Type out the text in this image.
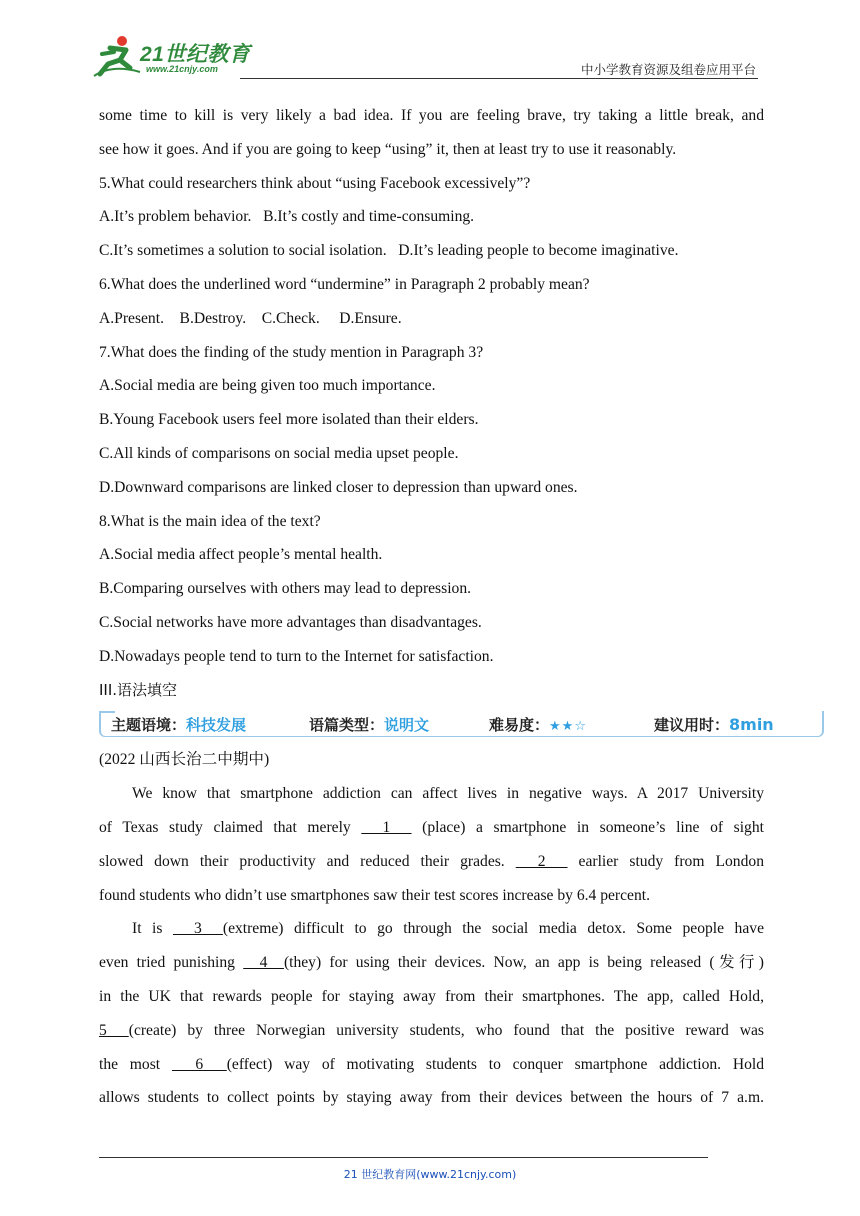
21世纪教育
www.21cnjy.com	中小学教育资源及组卷应用平台
some time to kill is very likely a bad idea. If you are feeling brave, try taking a little break, and
see how it goes. And if you are going to keep “using” it, then at least try to use it reasonably.
5.What could researchers think about “using Facebook excessively”?
A.It’s problem behavior.   B.It’s costly and time-consuming.
C.It’s sometimes a solution to social isolation.   D.It’s leading people to become imaginative.
6.What does the underlined word “undermine” in Paragraph 2 probably mean?
A.Present.    B.Destroy.    C.Check.     D.Ensure.
7.What does the finding of the study mention in Paragraph 3?
A.Social media are being given too much importance.
B.Young Facebook users feel more isolated than their elders.
C.All kinds of comparisons on social media upset people.
D.Downward comparisons are linked closer to depression than upward ones.
8.What is the main idea of the text?
A.Social media affect people’s mental health.
B.Comparing ourselves with others may lead to depression.
C.Social networks have more advantages than disadvantages.
D.Nowadays people tend to turn to the Internet for satisfaction.
III.语法填空
主题语境：科技发展	语篇类型：说明文	难易度：★★☆	建议用时：8min
(2022 山西长治二中期中)
We know that smartphone addiction can affect lives in negative ways. A 2017 University
of Texas study claimed that merely   1   (place) a smartphone in someone’s line of sight
slowed down their productivity and reduced their grades.   2   earlier study from London
found students who didn’t use smartphones saw their test scores increase by 6.4 percent.
It is   3  (extreme) difficult to go through the social media detox. Some people have
even tried punishing   4  (they) for using their devices. Now, an app is being released (发行)
in the UK that rewards people for staying away from their smartphones. The app, called Hold,
5  (create) by three Norwegian university students, who found that the positive reward was
the most   6  (effect) way of motivating students to conquer smartphone addiction. Hold
allows students to collect points by staying away from their devices between the hours of 7 a.m.
21 世纪教育网(www.21cnjy.com)
